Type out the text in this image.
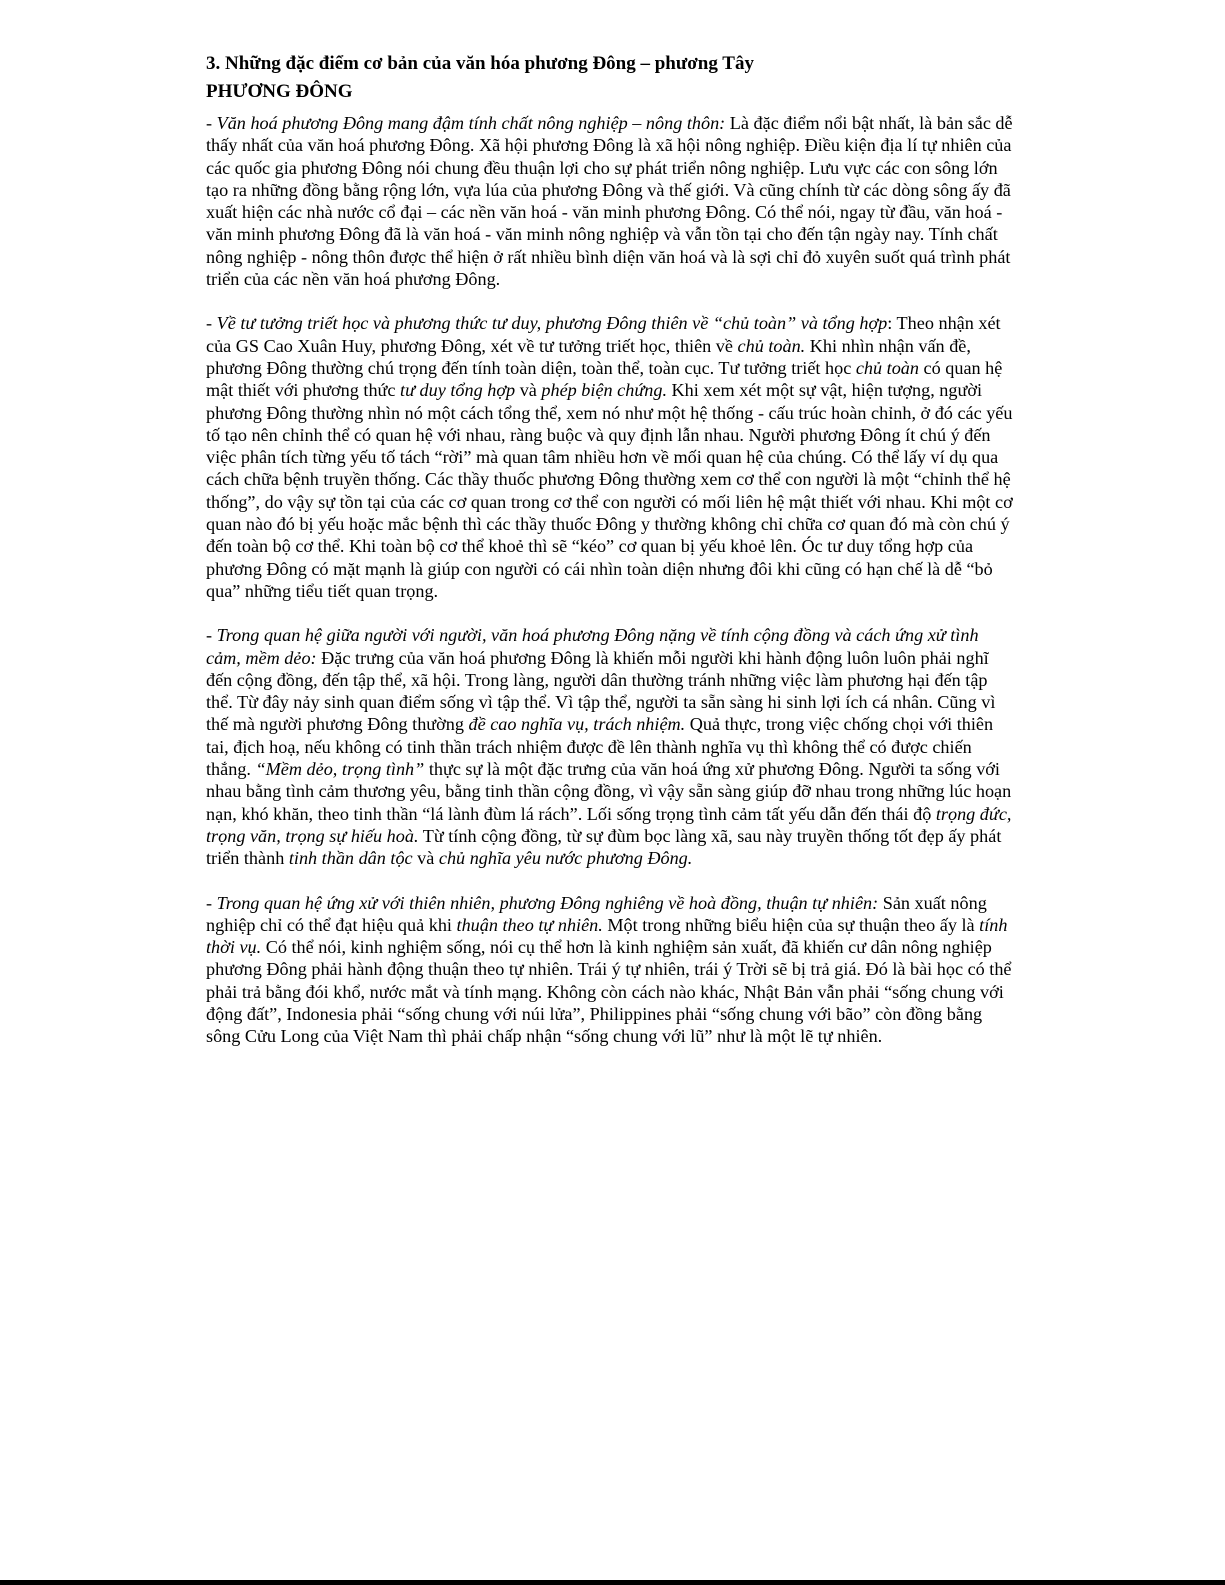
3. Những đặc điểm cơ bản của văn hóa phương Đông – phương Tây
PHƯƠNG ĐÔNG

- Văn hoá phương Đông mang đậm tính chất nông nghiệp – nông thôn: Là đặc điểm nổi bật nhất, là bản sắc dễ thấy nhất của văn hoá phương Đông. Xã hội phương Đông là xã hội nông nghiệp. Điều kiện địa lí tự nhiên của các quốc gia phương Đông nói chung đều thuận lợi cho sự phát triển nông nghiệp. Lưu vực các con sông lớn tạo ra những đồng bằng rộng lớn, vựa lúa của phương Đông và thế giới. Và cũng chính từ các dòng sông ấy đã xuất hiện các nhà nước cổ đại – các nền văn hoá - văn minh phương Đông. Có thể nói, ngay từ đầu, văn hoá - văn minh phương Đông đã là văn hoá - văn minh nông nghiệp và vẫn tồn tại cho đến tận ngày nay. Tính chất nông nghiệp - nông thôn được thể hiện ở rất nhiều bình diện văn hoá và là sợi chỉ đỏ xuyên suốt quá trình phát triển của các nền văn hoá phương Đông.

- Về tư tưởng triết học và phương thức tư duy, phương Đông thiên về “chủ toàn” và tổng hợp: Theo nhận xét của GS Cao Xuân Huy, phương Đông, xét về tư tưởng triết học, thiên về chủ toàn. Khi nhìn nhận vấn đề, phương Đông thường chú trọng đến tính toàn diện, toàn thể, toàn cục. Tư tưởng triết học chủ toàn có quan hệ mật thiết với phương thức tư duy tổng hợp và phép biện chứng. Khi xem xét một sự vật, hiện tượng, người phương Đông thường nhìn nó một cách tổng thể, xem nó như một hệ thống - cấu trúc hoàn chỉnh, ở đó các yếu tố tạo nên chỉnh thể có quan hệ với nhau, ràng buộc và quy định lẫn nhau. Người phương Đông ít chú ý đến việc phân tích từng yếu tố tách “rời” mà quan tâm nhiều hơn về mối quan hệ của chúng. Có thể lấy ví dụ qua cách chữa bệnh truyền thống. Các thầy thuốc phương Đông thường xem cơ thể con người là một “chỉnh thể hệ thống”, do vậy sự tồn tại của các cơ quan trong cơ thể con người có mối liên hệ mật thiết với nhau. Khi một cơ quan nào đó bị yếu hoặc mắc bệnh thì các thầy thuốc Đông y thường không chỉ chữa cơ quan đó mà còn chú ý đến toàn bộ cơ thể. Khi toàn bộ cơ thể khoẻ thì sẽ “kéo” cơ quan bị yếu khoẻ lên. Óc tư duy tổng hợp của phương Đông có mặt mạnh là giúp con người có cái nhìn toàn diện nhưng đôi khi cũng có hạn chế là dễ “bỏ qua” những tiểu tiết quan trọng.

- Trong quan hệ giữa người với người, văn hoá phương Đông nặng về tính cộng đồng và cách ứng xử tình cảm, mềm dẻo: Đặc trưng của văn hoá phương Đông là khiến mỗi người khi hành động luôn luôn phải nghĩ đến cộng đồng, đến tập thể, xã hội. Trong làng, người dân thường tránh những việc làm phương hại đến tập thể. Từ đây nảy sinh quan điểm sống vì tập thể. Vì tập thể, người ta sẵn sàng hi sinh lợi ích cá nhân. Cũng vì thế mà người phương Đông thường đề cao nghĩa vụ, trách nhiệm. Quả thực, trong việc chống chọi với thiên tai, địch hoạ, nếu không có tinh thần trách nhiệm được đề lên thành nghĩa vụ thì không thể có được chiến thắng. “Mềm dẻo, trọng tình” thực sự là một đặc trưng của văn hoá ứng xử phương Đông. Người ta sống với nhau bằng tình cảm thương yêu, bằng tinh thần cộng đồng, vì vậy sẵn sàng giúp đỡ nhau trong những lúc hoạn nạn, khó khăn, theo tinh thần “lá lành đùm lá rách”. Lối sống trọng tình cảm tất yếu dẫn đến thái độ trọng đức, trọng văn, trọng sự hiếu hoà. Từ tính cộng đồng, từ sự đùm bọc làng xã, sau này truyền thống tốt đẹp ấy phát triển thành tinh thần dân tộc và chủ nghĩa yêu nước phương Đông.

- Trong quan hệ ứng xử với thiên nhiên, phương Đông nghiêng về hoà đồng, thuận tự nhiên: Sản xuất nông nghiệp chỉ có thể đạt hiệu quả khi thuận theo tự nhiên. Một trong những biểu hiện của sự thuận theo ấy là tính thời vụ. Có thể nói, kinh nghiệm sống, nói cụ thể hơn là kinh nghiệm sản xuất, đã khiến cư dân nông nghiệp phương Đông phải hành động thuận theo tự nhiên. Trái ý tự nhiên, trái ý Trời sẽ bị trả giá. Đó là bài học có thể phải trả bằng đói khổ, nước mắt và tính mạng. Không còn cách nào khác, Nhật Bản vẫn phải “sống chung với động đất”, Indonesia phải “sống chung với núi lửa”, Philippines phải “sống chung với bão” còn đồng bằng sông Cửu Long của Việt Nam thì phải chấp nhận “sống chung với lũ” như là một lẽ tự nhiên.
